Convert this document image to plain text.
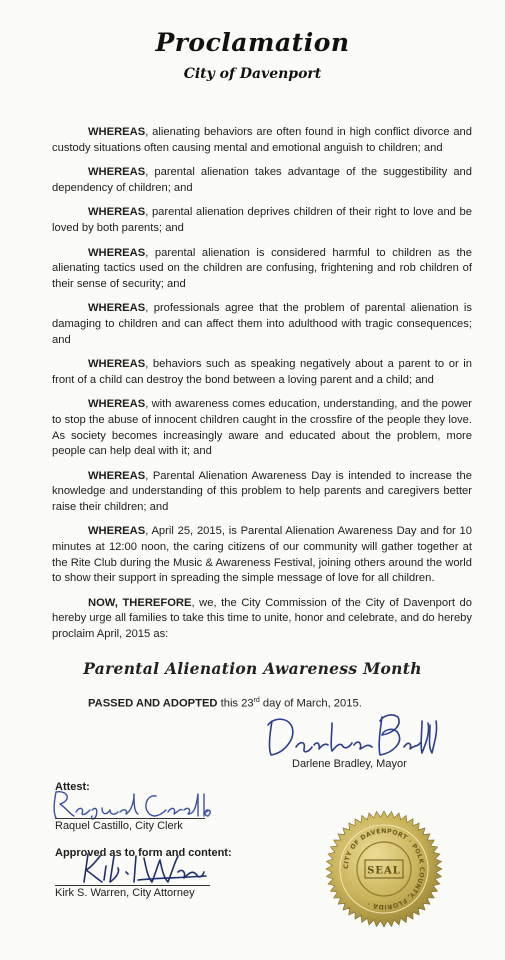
Proclamation
City of Davenport

WHEREAS, alienating behaviors are often found in high conflict divorce and custody situations often causing mental and emotional anguish to children; and

WHEREAS, parental alienation takes advantage of the suggestibility and dependency of children; and

WHEREAS, parental alienation deprives children of their right to love and be loved by both parents; and

WHEREAS, parental alienation is considered harmful to children as the alienating tactics used on the children are confusing, frightening and rob children of their sense of security; and

WHEREAS, professionals agree that the problem of parental alienation is damaging to children and can affect them into adulthood with tragic consequences; and

WHEREAS, behaviors such as speaking negatively about a parent to or in front of a child can destroy the bond between a loving parent and a child; and

WHEREAS, with awareness comes education, understanding, and the power to stop the abuse of innocent children caught in the crossfire of the people they love. As society becomes increasingly aware and educated about the problem, more people can help deal with it; and

WHEREAS, Parental Alienation Awareness Day is intended to increase the knowledge and understanding of this problem to help parents and caregivers better raise their children; and

WHEREAS, April 25, 2015, is Parental Alienation Awareness Day and for 10 minutes at 12:00 noon, the caring citizens of our community will gather together at the Rite Club during the Music & Awareness Festival, joining others around the world to show their support in spreading the simple message of love for all children.

NOW, THEREFORE, we, the City Commission of the City of Davenport do hereby urge all families to take this time to unite, honor and celebrate, and do hereby proclaim April, 2015 as:

Parental Alienation Awareness Month
PASSED AND ADOPTED this 23rd day of March, 2015.
Darlene Bradley, Mayor
Attest:
Raquel Castillo, City Clerk
Approved as to form and content:
Kirk S. Warren, City Attorney
CITY OF DAVENPORT · POLK COUNTY, FLORIDA ·
SEAL
